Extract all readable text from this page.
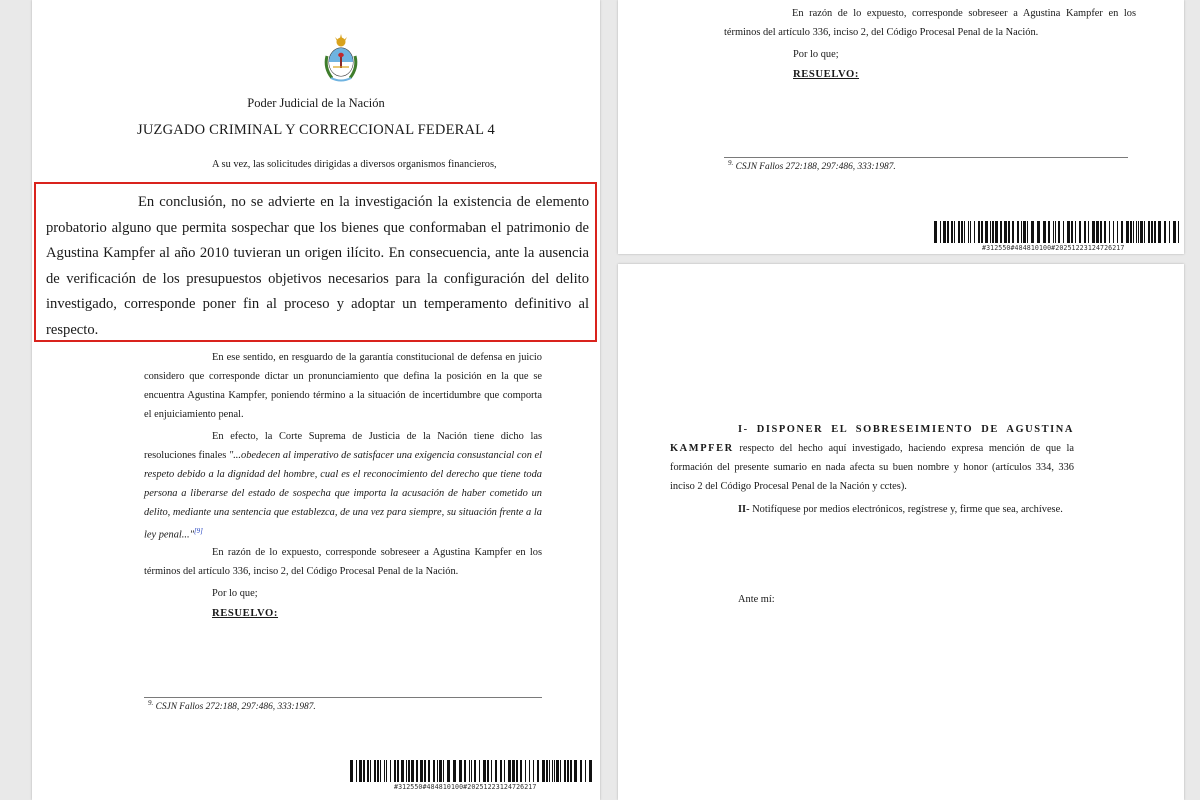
Poder Judicial de la Nación

JUZGADO CRIMINAL Y CORRECCIONAL FEDERAL 4

A su vez, las solicitudes dirigidas a diversos organismos financieros,

En conclusión, no se advierte en la investigación la existencia de elemento probatorio alguno que permita sospechar que los bienes que conformaban el patrimonio de Agustina Kampfer al año 2010 tuvieran un origen ilícito. En consecuencia, ante la ausencia de verificación de los presupuestos objetivos necesarios para la configuración del delito investigado, corresponde poner fin al proceso y adoptar un temperamento definitivo al respecto.

En ese sentido, en resguardo de la garantía constitucional de defensa en juicio considero que corresponde dictar un pronunciamiento que defina la posición en la que se encuentra Agustina Kampfer, poniendo término a la situación de incertidumbre que comporta el enjuiciamiento penal.

En efecto, la Corte Suprema de Justicia de la Nación tiene dicho las resoluciones finales "...obedecen al imperativo de satisfacer una exigencia consustancial con el respeto debido a la dignidad del hombre, cual es el reconocimiento del derecho que tiene toda persona a liberarse del estado de sospecha que importa la acusación de haber cometido un delito, mediante una sentencia que establezca, de una vez para siempre, su situación frente a la ley penal..."[9]

En razón de lo expuesto, corresponde sobreseer a Agustina Kampfer en los términos del artículo 336, inciso 2, del Código Procesal Penal de la Nación.

Por lo que;

RESUELVO:

$^{9.}$ CSJN Fallos 272:188, 297:486, 333:1987.

#312550#484810100#20251223124726217

En razón de lo expuesto, corresponde sobreseer a Agustina Kampfer en los términos del artículo 336, inciso 2, del Código Procesal Penal de la Nación.

Por lo que;

RESUELVO:

$^{9.}$ CSJN Fallos 272:188, 297:486, 333:1987.

#312550#484810100#20251223124726217

I- DISPONER EL SOBRESEIMIENTO DE AGUSTINA KAMPFER respecto del hecho aquí investigado, haciendo expresa mención de que la formación del presente sumario en nada afecta su buen nombre y honor (artículos 334, 336 inciso 2 del Código Procesal Penal de la Nación y cctes).

II- Notifíquese por medios electrónicos, regístrese y, firme que sea, archívese.

Ante mí:
